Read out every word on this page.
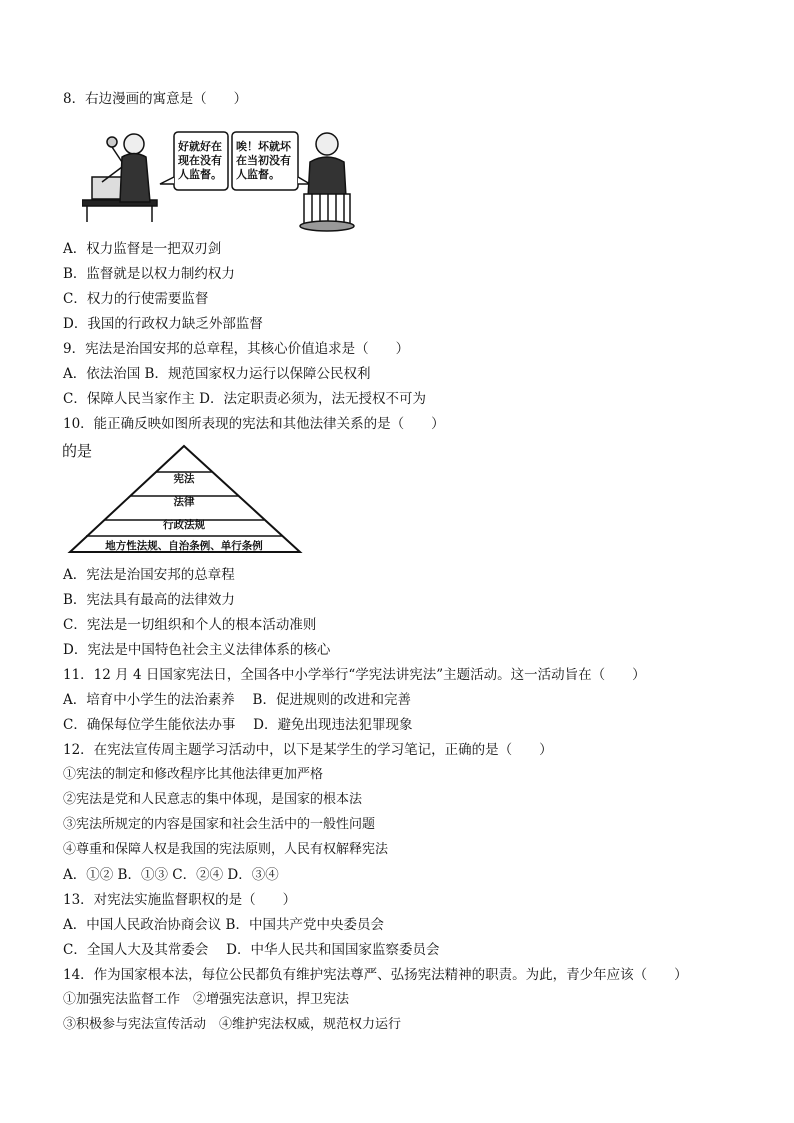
8．右边漫画的寓意是（　　）
好就好在
现在没有
人监督。
唉！坏就坏
在当初没有
人监督。
A．权力监督是一把双刃剑
B．监督就是以权力制约权力
C．权力的行使需要监督
D．我国的行政权力缺乏外部监督
9．宪法是治国安邦的总章程，其核心价值追求是（　　）
A．依法治国 B．规范国家权力运行以保障公民权利
C．保障人民当家作主 D．法定职责必须为，法无授权不可为
10．能正确反映如图所表现的宪法和其他法律关系的是（　　）
的是
宪法
法律
行政法规
地方性法规、自治条例、单行条例
A．宪法是治国安邦的总章程
B．宪法具有最高的法律效力
C．宪法是一切组织和个人的根本活动准则
D．宪法是中国特色社会主义法律体系的核心
11．12 月 4 日国家宪法日，全国各中小学举行“学宪法讲宪法”主题活动。这一活动旨在（　　）
A．培育中小学生的法治素养　 B．促进规则的改进和完善
C．确保每位学生能依法办事　 D．避免出现违法犯罪现象
12．在宪法宣传周主题学习活动中，以下是某学生的学习笔记，正确的是（　　）
①宪法的制定和修改程序比其他法律更加严格
②宪法是党和人民意志的集中体现，是国家的根本法
③宪法所规定的内容是国家和社会生活中的一般性问题
④尊重和保障人权是我国的宪法原则，人民有权解释宪法
A．①② B．①③ C．②④ D．③④
13．对宪法实施监督职权的是（　　）
A．中国人民政治协商会议 B．中国共产党中央委员会
C．全国人大及其常委会　 D．中华人民共和国国家监察委员会
14．作为国家根本法，每位公民都负有维护宪法尊严、弘扬宪法精神的职责。为此，青少年应该（　　）
①加强宪法监督工作　②增强宪法意识，捍卫宪法
③积极参与宪法宣传活动　④维护宪法权威，规范权力运行
